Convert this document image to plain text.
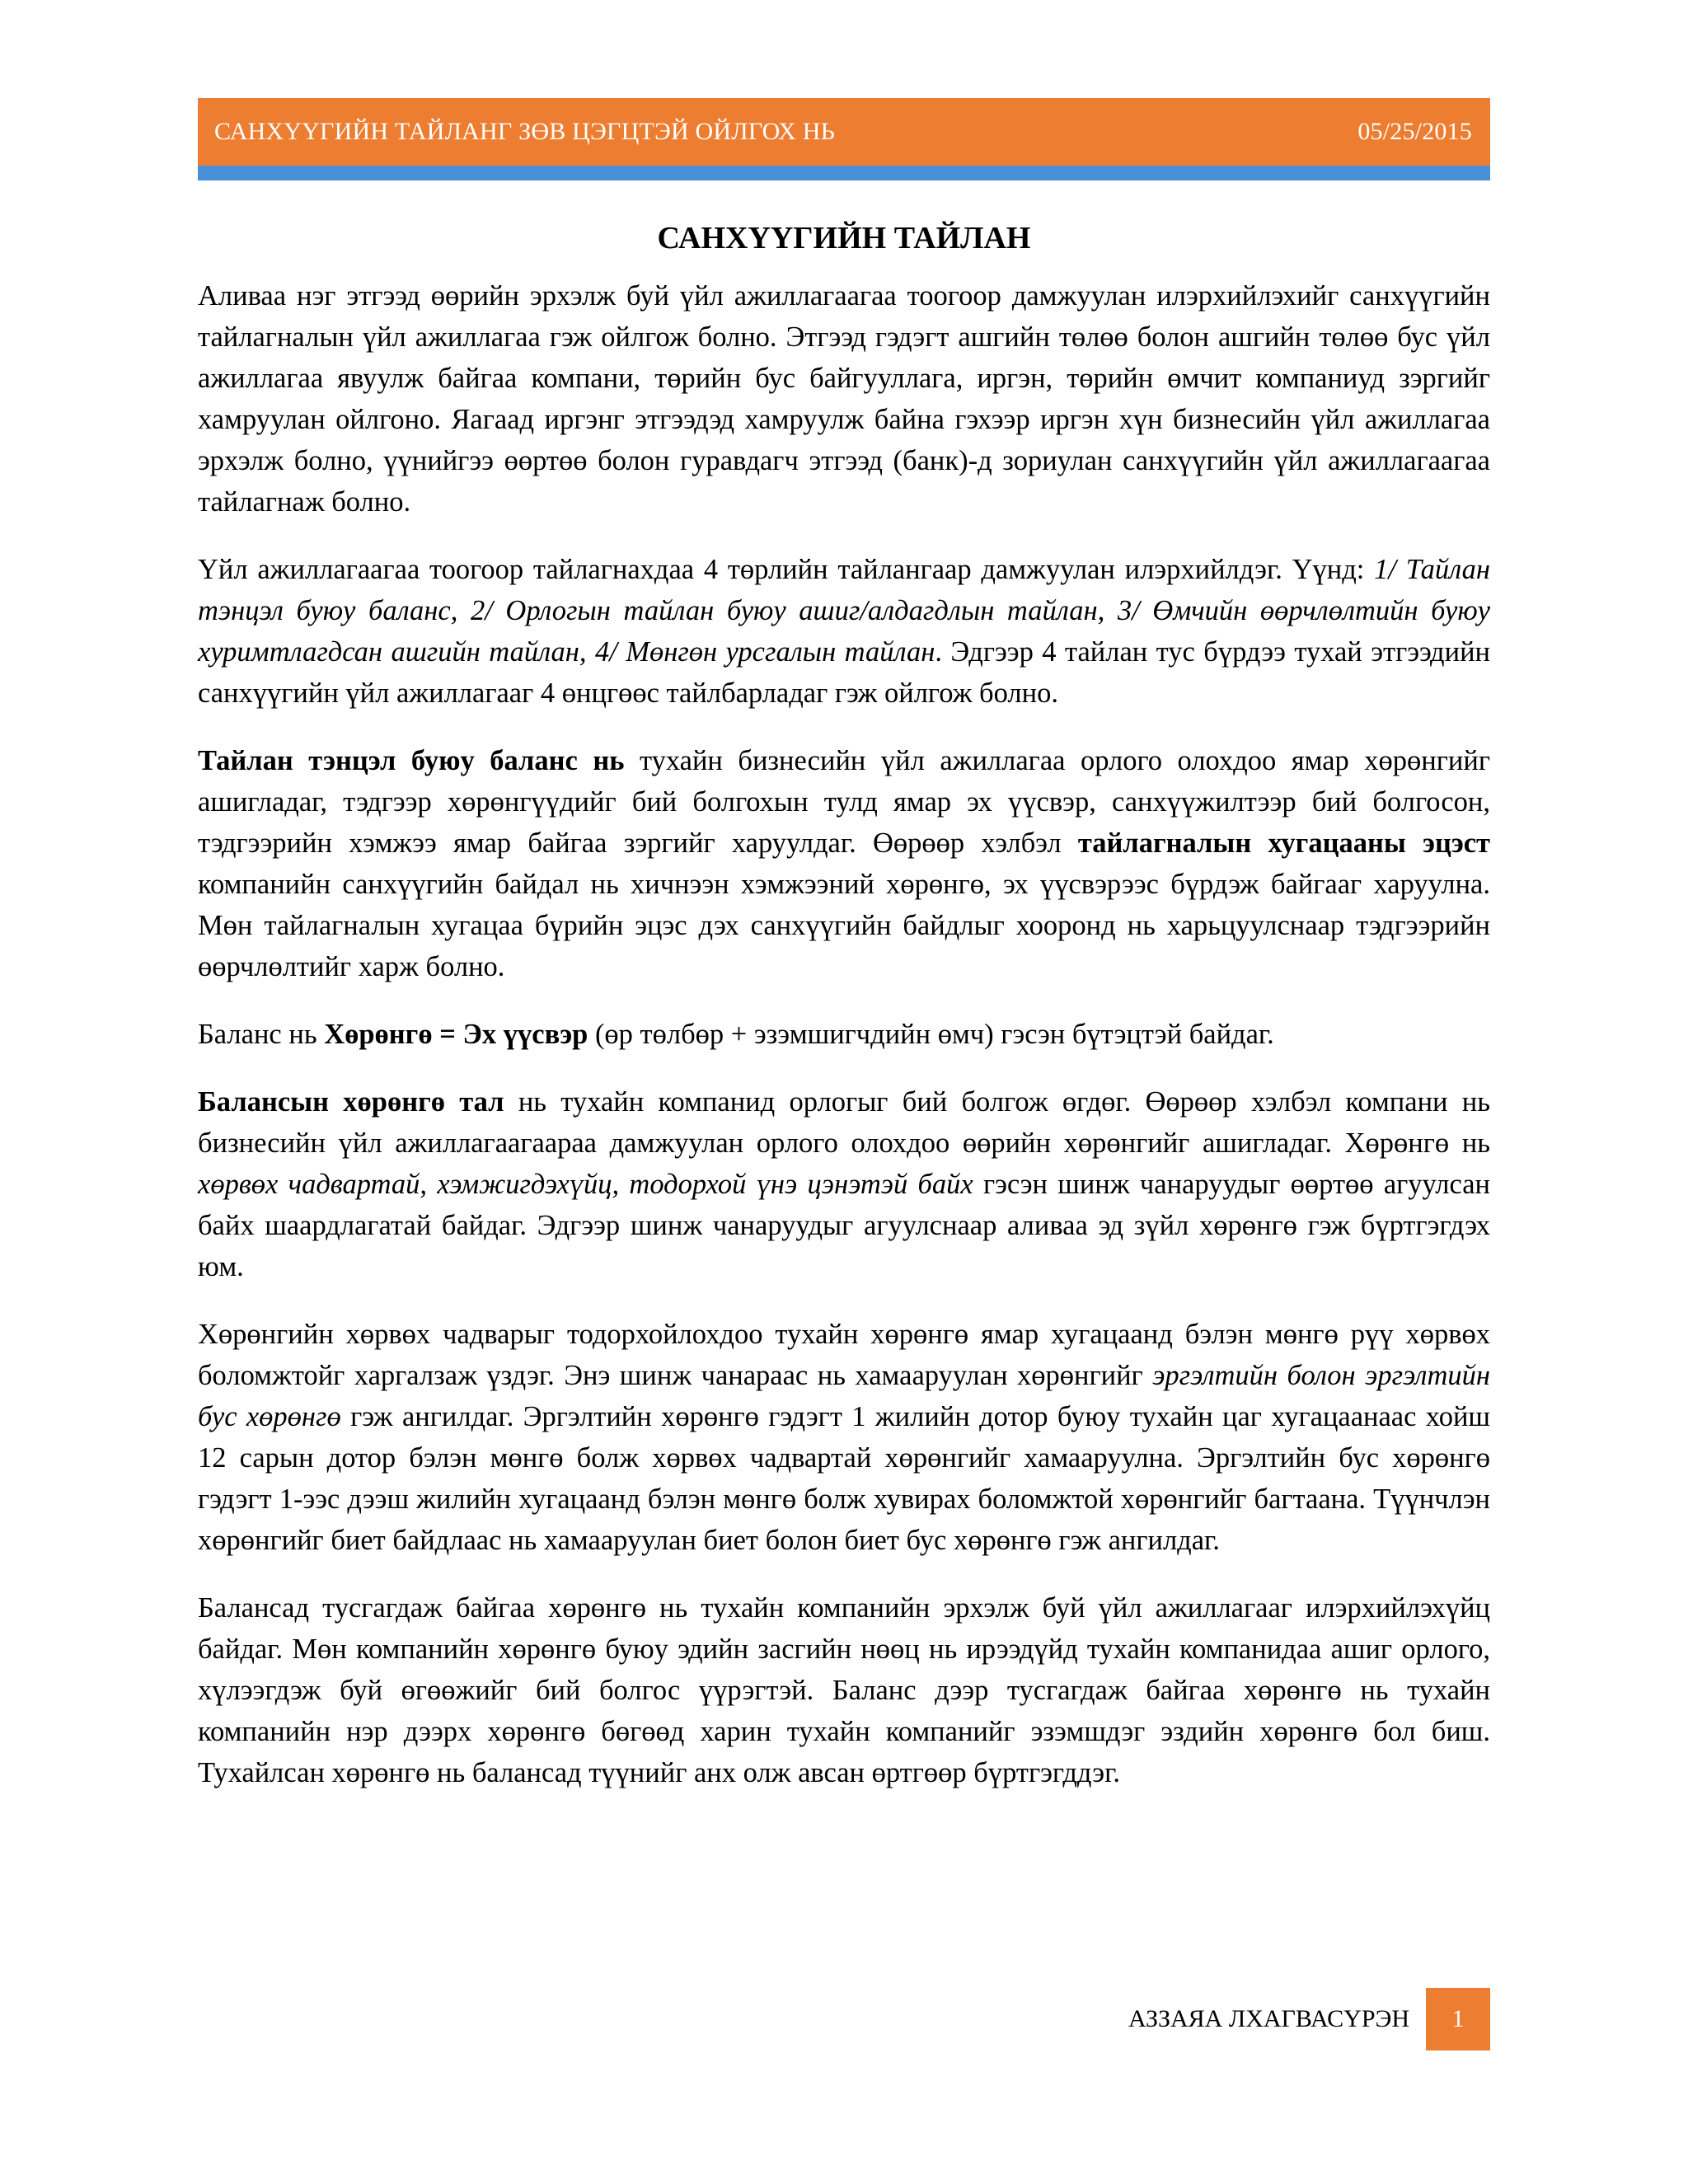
САНХҮҮГИЙН ТАЙЛАНГ ЗӨВ ЦЭГЦТЭЙ ОЙЛГОХ НЬ	05/25/2015
САНХҮҮГИЙН ТАЙЛАН

Аливаа нэг этгээд өөрийн эрхэлж буй үйл ажиллагаагаа тоогоор дамжуулан илэрхийлэхийг санхүүгийн тайлагналын үйл ажиллагаа гэж ойлгож болно. Этгээд гэдэгт ашгийн төлөө болон ашгийн төлөө бус үйл ажиллагаа явуулж байгаа компани, төрийн бус байгууллага, иргэн, төрийн өмчит компаниуд зэргийг хамруулан ойлгоно. Яагаад иргэнг этгээдэд хамруулж байна гэхээр иргэн хүн бизнесийн үйл ажиллагаа эрхэлж болно, үүнийгээ өөртөө болон гуравдагч этгээд (банк)-д зориулан санхүүгийн үйл ажиллагаагаа тайлагнаж болно.

Үйл ажиллагаагаа тоогоор тайлагнахдаа 4 төрлийн тайлангаар дамжуулан илэрхийлдэг. Үүнд: 1/ Тайлан тэнцэл буюу баланс, 2/ Орлогын тайлан буюу ашиг/алдагдлын тайлан, 3/ Өмчийн өөрчлөлтийн буюу хуримтлагдсан ашгийн тайлан, 4/ Мөнгөн урсгалын тайлан. Эдгээр 4 тайлан тус бүрдээ тухай этгээдийн санхүүгийн үйл ажиллагааг 4 өнцгөөс тайлбарладаг гэж ойлгож болно.

Тайлан тэнцэл буюу баланс нь тухайн бизнесийн үйл ажиллагаа орлого олохдоо ямар хөрөнгийг ашигладаг, тэдгээр хөрөнгүүдийг бий болгохын тулд ямар эх үүсвэр, санхүүжилтээр бий болгосон, тэдгээрийн хэмжээ ямар байгаа зэргийг харуулдаг. Өөрөөр хэлбэл тайлагналын хугацааны эцэст компанийн санхүүгийн байдал нь хичнээн хэмжээний хөрөнгө, эх үүсвэрээс бүрдэж байгааг харуулна. Мөн тайлагналын хугацаа бүрийн эцэс дэх санхүүгийн байдлыг хооронд нь харьцуулснаар тэдгээрийн өөрчлөлтийг харж болно.

Баланс нь Хөрөнгө = Эх үүсвэр (өр төлбөр + эзэмшигчдийн өмч) гэсэн бүтэцтэй байдаг.

Балансын хөрөнгө тал нь тухайн компанид орлогыг бий болгож өгдөг. Өөрөөр хэлбэл компани нь бизнесийн үйл ажиллагаагаараа дамжуулан орлого олохдоо өөрийн хөрөнгийг ашигладаг. Хөрөнгө нь хөрвөх чадвартай, хэмжигдэхүйц, тодорхой үнэ цэнэтэй байх гэсэн шинж чанаруудыг өөртөө агуулсан байх шаардлагатай байдаг. Эдгээр шинж чанаруудыг агуулснаар аливаа эд зүйл хөрөнгө гэж бүртгэгдэх юм.

Хөрөнгийн хөрвөх чадварыг тодорхойлохдоо тухайн хөрөнгө ямар хугацаанд бэлэн мөнгө рүү хөрвөх боломжтойг харгалзаж үздэг. Энэ шинж чанараас нь хамааруулан хөрөнгийг эргэлтийн болон эргэлтийн бус хөрөнгө гэж ангилдаг. Эргэлтийн хөрөнгө гэдэгт 1 жилийн дотор буюу тухайн цаг хугацаанаас хойш 12 сарын дотор бэлэн мөнгө болж хөрвөх чадвартай хөрөнгийг хамааруулна. Эргэлтийн бус хөрөнгө гэдэгт 1-ээс дээш жилийн хугацаанд бэлэн мөнгө болж хувирах боломжтой хөрөнгийг багтаана. Түүнчлэн хөрөнгийг биет байдлаас нь хамааруулан биет болон биет бус хөрөнгө гэж ангилдаг.

Балансад тусгагдаж байгаа хөрөнгө нь тухайн компанийн эрхэлж буй үйл ажиллагааг илэрхийлэхүйц байдаг. Мөн компанийн хөрөнгө буюу эдийн засгийн нөөц нь ирээдүйд тухайн компанидаа ашиг орлого, хүлээгдэж буй өгөөжийг бий болгос үүрэгтэй. Баланс дээр тусгагдаж байгаа хөрөнгө нь тухайн компанийн нэр дээрх хөрөнгө бөгөөд харин тухайн компанийг эзэмшдэг эздийн хөрөнгө бол биш. Тухайлсан хөрөнгө нь балансад түүнийг анх олж авсан өртгөөр бүртгэгддэг.

АЗЗАЯА ЛХАГВАСҮРЭН	1
